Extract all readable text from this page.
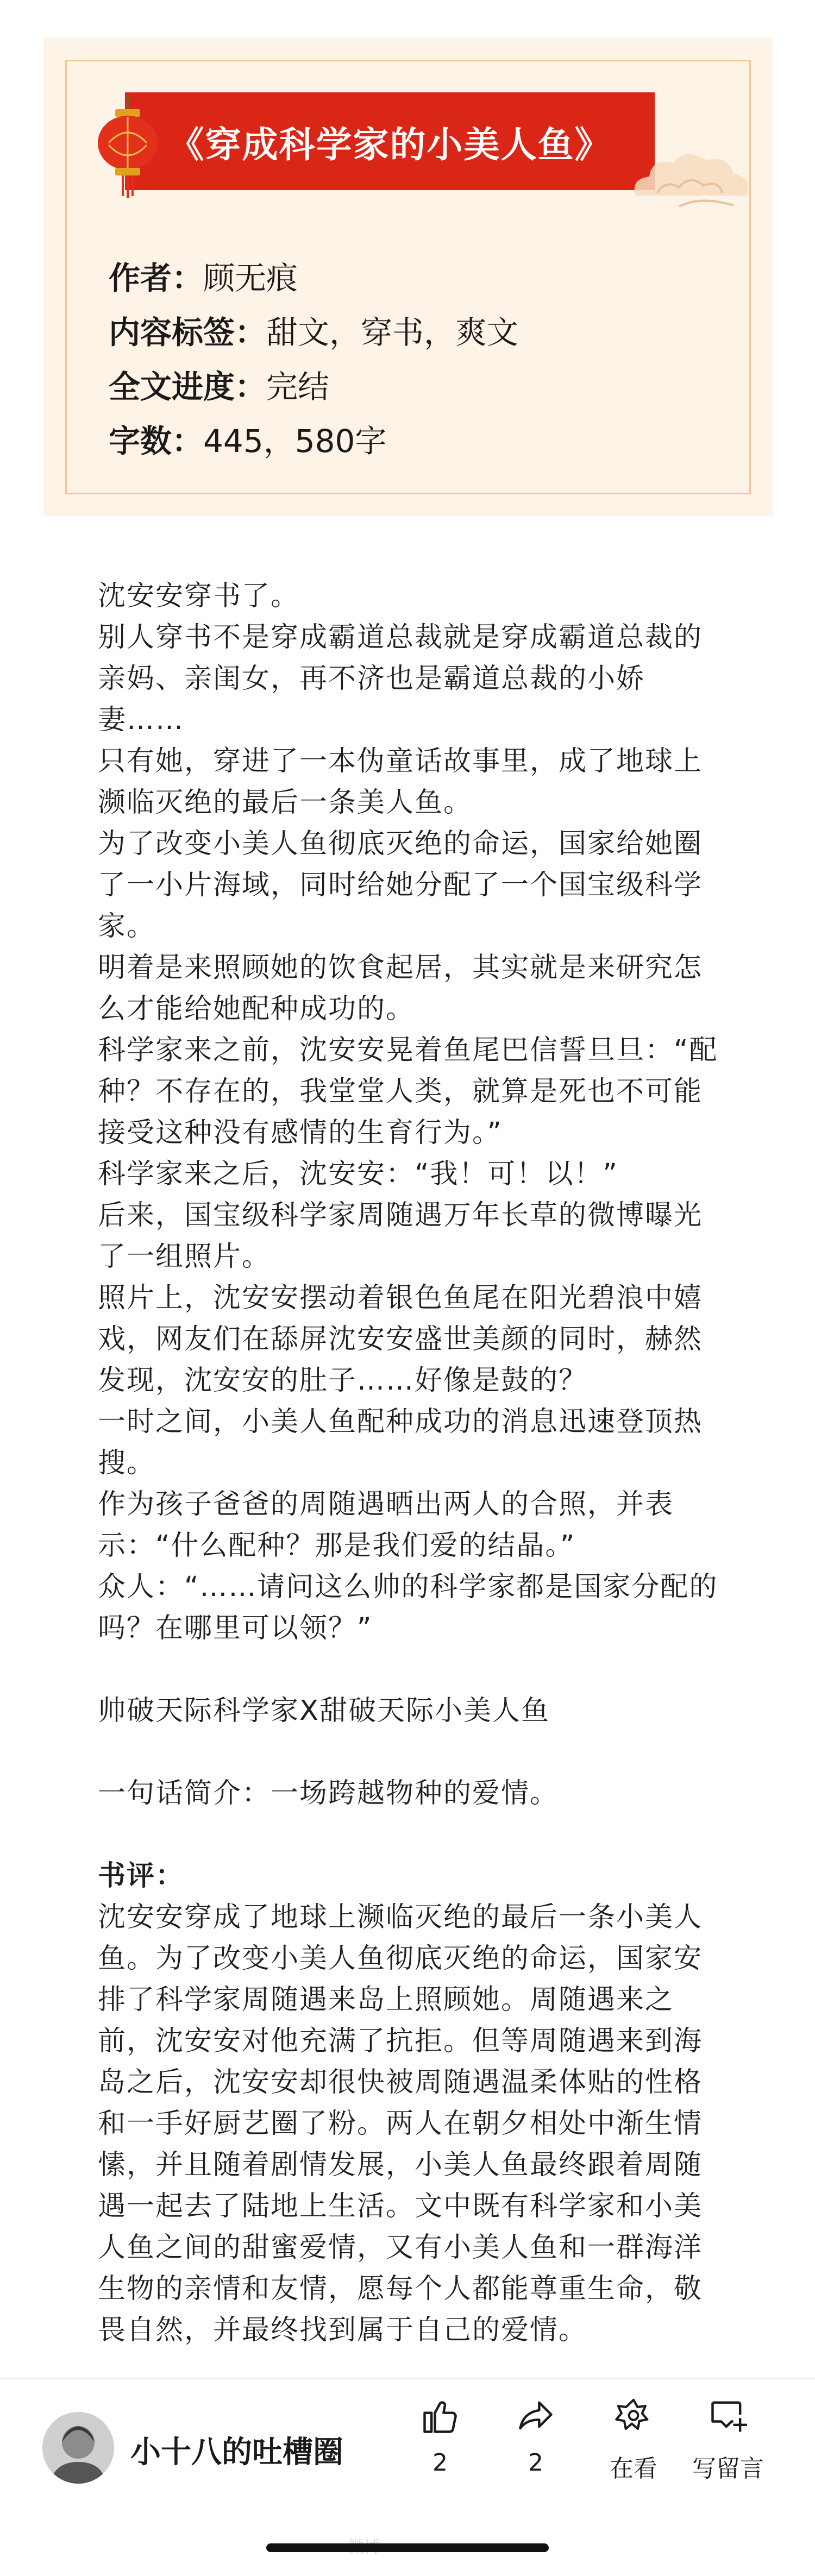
《穿成科学家的小美人鱼》
作者：顾无痕
内容标签：甜文，穿书，爽文
全文进度：完结
字数：445，580字

沈安安穿书了。

别人穿书不是穿成霸道总裁就是穿成霸道总裁的亲妈、亲闺女，再不济也是霸道总裁的小娇妻……

只有她，穿进了一本伪童话故事里，成了地球上濒临灭绝的最后一条美人鱼。

为了改变小美人鱼彻底灭绝的命运，国家给她圈了一小片海域，同时给她分配了一个国宝级科学家。

明着是来照顾她的饮食起居，其实就是来研究怎么才能给她配种成功的。

科学家来之前，沈安安晃着鱼尾巴信誓旦旦：“配种？不存在的，我堂堂人类，就算是死也不可能接受这种没有感情的生育行为。”

科学家来之后，沈安安：“我！可！以！”

后来，国宝级科学家周随遇万年长草的微博曝光了一组照片。

照片上，沈安安摆动着银色鱼尾在阳光碧浪中嬉戏，网友们在舔屏沈安安盛世美颜的同时，赫然发现，沈安安的肚子……好像是鼓的？

一时之间，小美人鱼配种成功的消息迅速登顶热搜。

作为孩子爸爸的周随遇晒出两人的合照，并表示：“什么配种？那是我们爱的结晶。”

众人：“……请问这么帅的科学家都是国家分配的吗？在哪里可以领？”

帅破天际科学家X甜破天际小美人鱼

一句话简介：一场跨越物种的爱情。

书评：

沈安安穿成了地球上濒临灭绝的最后一条小美人鱼。为了改变小美人鱼彻底灭绝的命运，国家安排了科学家周随遇来岛上照顾她。周随遇来之前，沈安安对他充满了抗拒。但等周随遇来到海岛之后，沈安安却很快被周随遇温柔体贴的性格和一手好厨艺圈了粉。两人在朝夕相处中渐生情愫，并且随着剧情发展，小美人鱼最终跟着周随遇一起去了陆地上生活。文中既有科学家和小美人鱼之间的甜蜜爱情，又有小美人鱼和一群海洋生物的亲情和友情，愿每个人都能尊重生命，敬畏自然，并最终找到属于自己的爱情。

小十八的吐槽圈	2	2	在看	写留言
